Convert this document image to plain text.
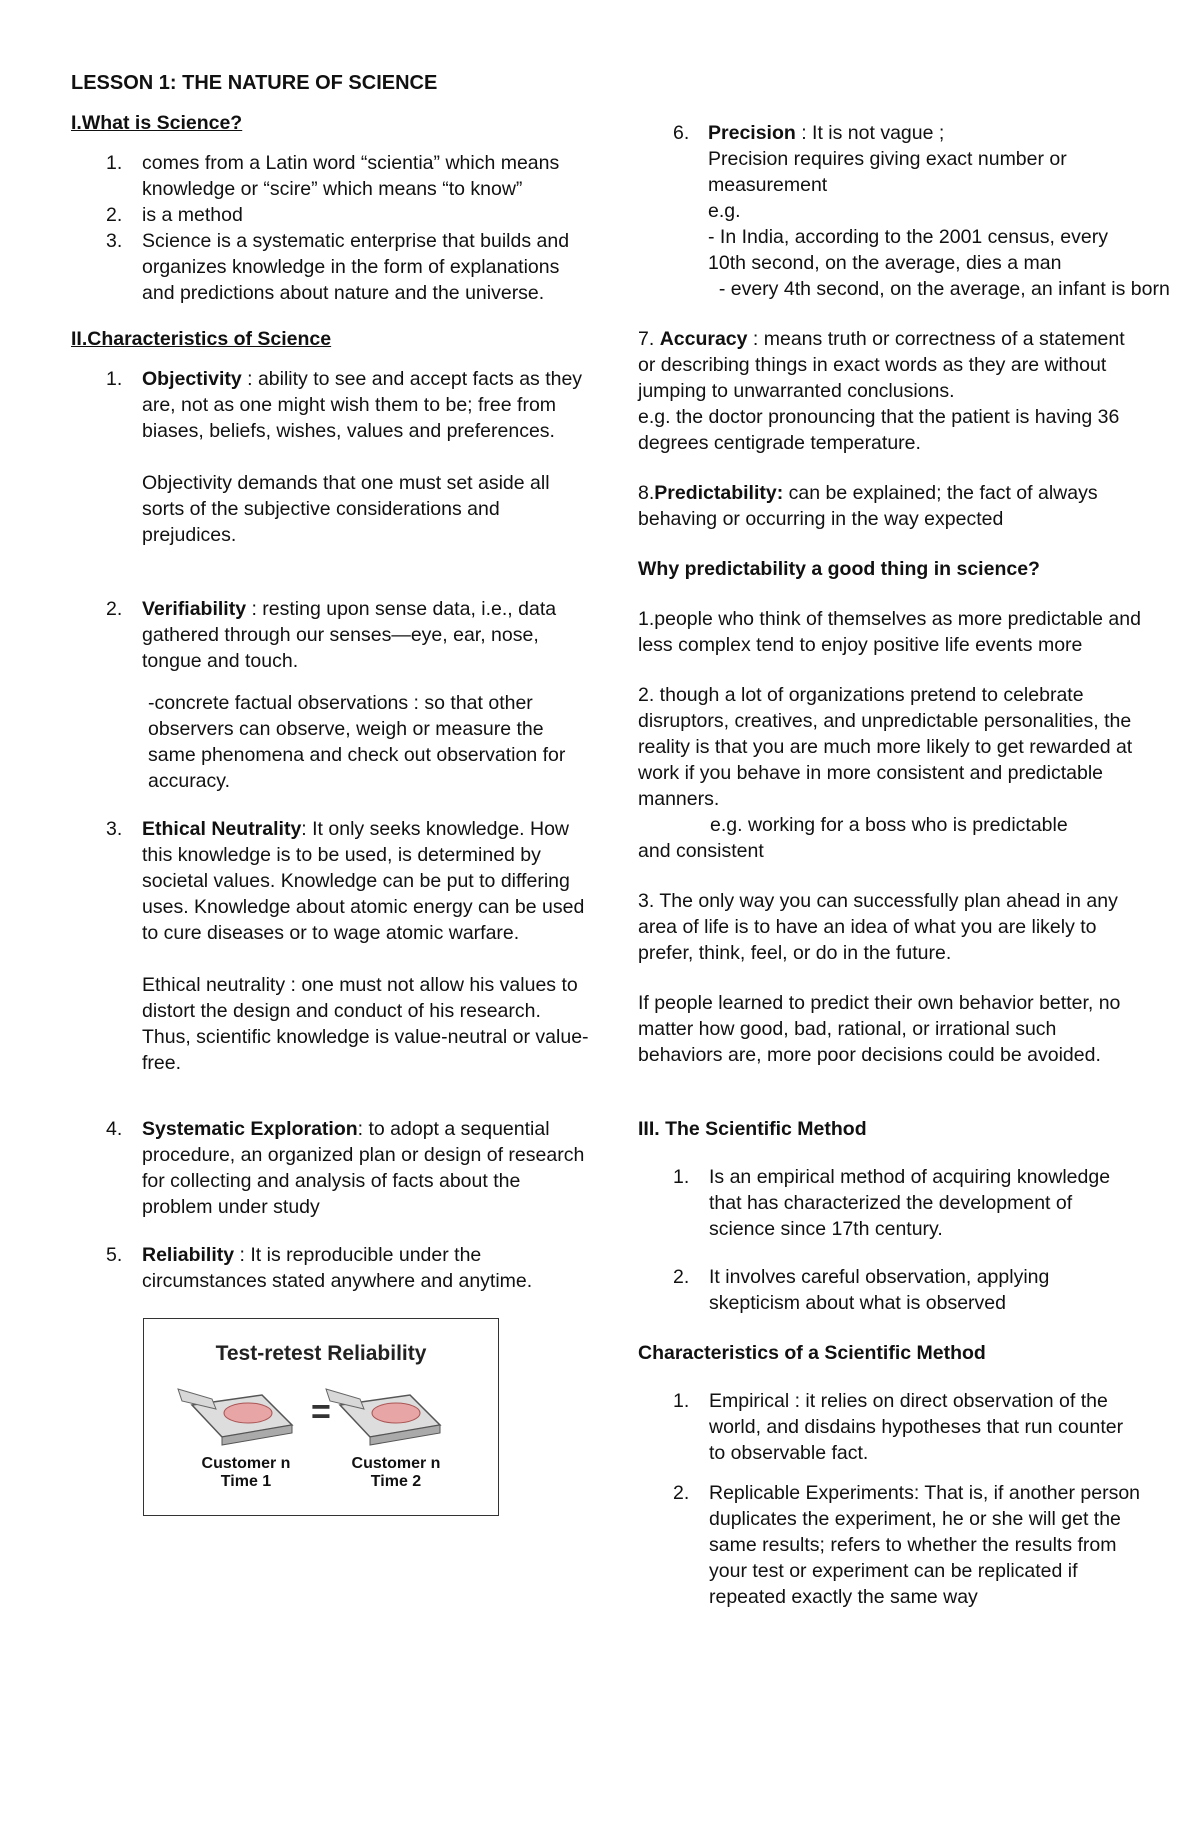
LESSON 1: THE NATURE OF SCIENCE
I.What is Science?
1. comes from a Latin word “scientia” which means knowledge or “scire” which means “to know”
2. is a method
3. Science is a systematic enterprise that builds and organizes knowledge in the form of explanations and predictions about nature and the universe.
II.Characteristics of Science
1. Objectivity : ability to see and accept facts as they are, not as one might wish them to be; free from biases, beliefs, wishes, values and preferences.
Objectivity demands that one must set aside all sorts of the subjective considerations and prejudices.
2. Verifiability : resting upon sense data, i.e., data gathered through our senses—eye, ear, nose, tongue and touch.
-concrete factual observations : so that other observers can observe, weigh or measure the same phenomena and check out observation for accuracy.
3. Ethical Neutrality: It only seeks knowledge. How this knowledge is to be used, is determined by societal values. Knowledge can be put to differing uses. Knowledge about atomic energy can be used to cure diseases or to wage atomic warfare.
Ethical neutrality : one must not allow his values to distort the design and conduct of his research. Thus, scientific knowledge is value-neutral or value- free.
4. Systematic Exploration: to adopt a sequential procedure, an organized plan or design of research for collecting and analysis of facts about the problem under study
5. Reliability : It is reproducible under the circumstances stated anywhere and anytime.
Test-retest Reliability
=
Customer n
Time 1
Customer n
Time 2
6. Precision : It is not vague ;
Precision requires giving exact number or measurement
e.g.
- In India, according to the 2001 census, every 10th second, on the average, dies a man
- every 4th second, on the average, an infant is born

7. Accuracy : means truth or correctness of a statement or describing things in exact words as they are without jumping to unwarranted conclusions.
e.g. the doctor pronouncing that the patient is having 36 degrees centigrade temperature.

8.Predictability: can be explained; the fact of always behaving or occurring in the way expected

Why predictability a good thing in science?

1.people who think of themselves as more predictable and less complex tend to enjoy positive life events more

2. though a lot of organizations pretend to celebrate disruptors, creatives, and unpredictable personalities, the reality is that you are much more likely to get rewarded at work if you behave in more consistent and predictable manners.
e.g. working for a boss who is predictable
and consistent

3. The only way you can successfully plan ahead in any area of life is to have an idea of what you are likely to prefer, think, feel, or do in the future.

If people learned to predict their own behavior better, no matter how good, bad, rational, or irrational such behaviors are, more poor decisions could be avoided.

III. The Scientific Method
1. Is an empirical method of acquiring knowledge that has characterized the development of science since 17th century.
2. It involves careful observation, applying skepticism about what is observed
Characteristics of a Scientific Method
1. Empirical : it relies on direct observation of the world, and disdains hypotheses that run counter to observable fact.
2. Replicable Experiments: That is, if another person duplicates the experiment, he or she will get the same results; refers to whether the results from your test or experiment can be replicated if repeated exactly the same way
